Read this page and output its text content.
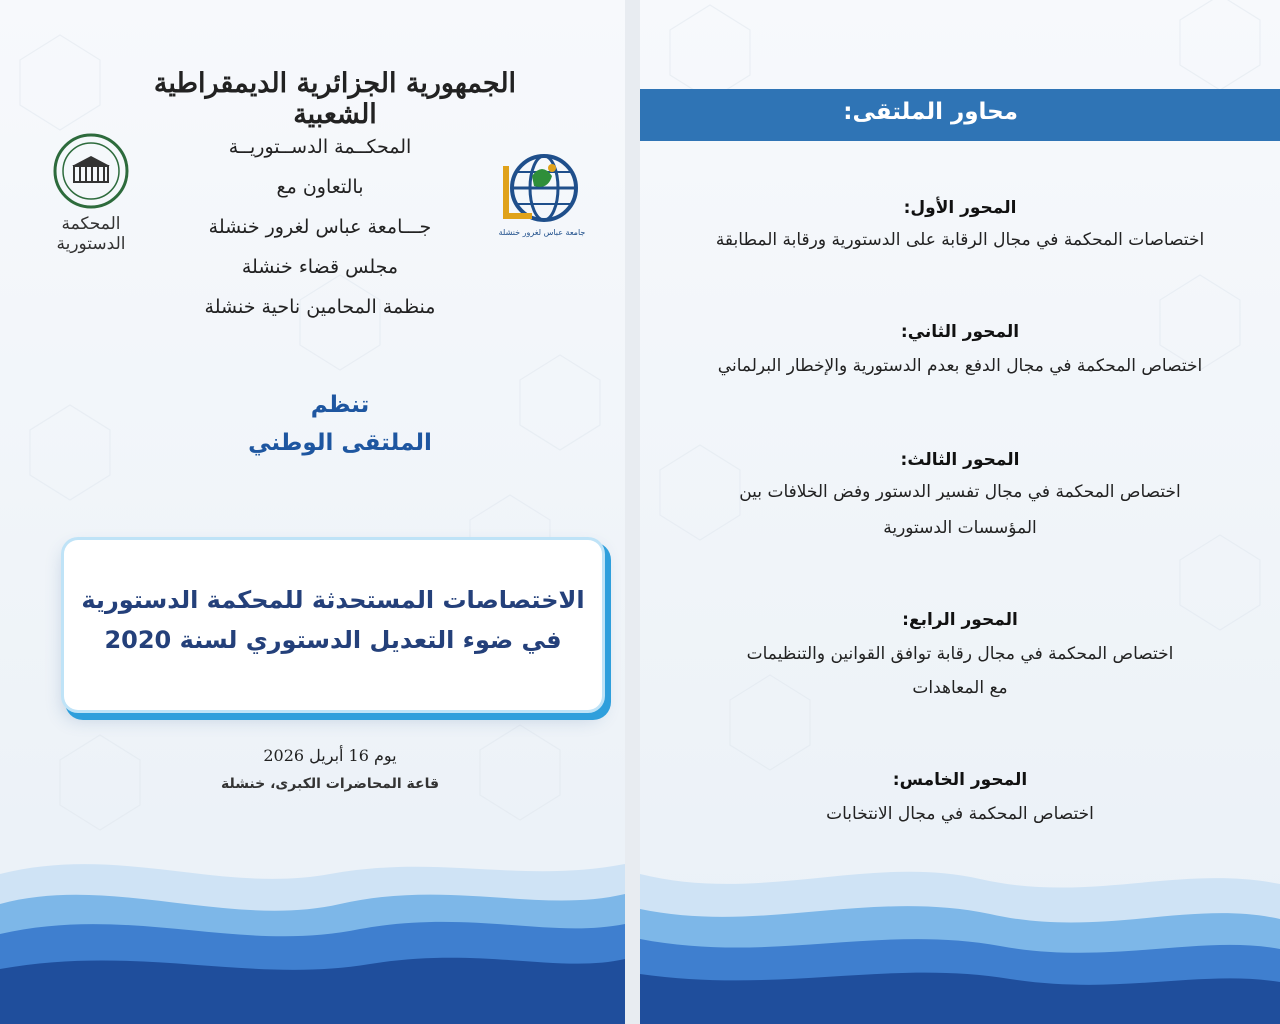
الجمهورية الجزائرية الديمقراطية الشعبية
المحكــمة الدســتوريــة
بالتعاون مع
جـــامعة عباس لغرور خنشلة
مجلس قضاء خنشلة
منظمة المحامين ناحية خنشلة
جامعة عباس لغرور خنشلة
المحكمة الدستورية
تنظم
الملتقى الوطني
الاختصاصات المستحدثة للمحكمة الدستورية
في ضوء التعديل الدستوري لسنة 2020
يوم 16 أبريل 2026
قاعة المحاضرات الكبرى، خنشلة
محاور الملتقى:
المحور الأول:
اختصاصات المحكمة في مجال الرقابة على الدستورية ورقابة المطابقة
المحور الثاني:
اختصاص المحكمة في مجال الدفع بعدم الدستورية والإخطار البرلماني
المحور الثالث:
اختصاص المحكمة في مجال تفسير الدستور وفض الخلافات بين
المؤسسات الدستورية
المحور الرابع:
اختصاص المحكمة في مجال رقابة توافق القوانين والتنظيمات
مع المعاهدات
المحور الخامس:
اختصاص المحكمة في مجال الانتخابات
